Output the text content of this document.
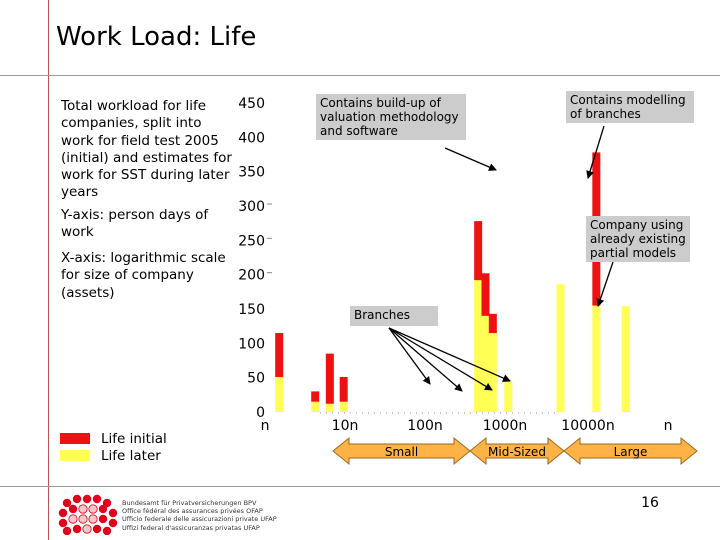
Work Load: Life
Total workload for life
companies, split into
work for field test 2005
(initial) and estimates for
work for SST during later
years
Y-axis: person days of
work
X-axis: logarithmic scale
for size of company
(assets)
0
50
100
150
200
250
300
350
400
450
n	10n	100n	1000n 10000n	n
Small	Mid-Sized	Large
Contains build-up of
valuation methodology
and software
Contains modelling
of branches
Company using
already existing
partial models
Branches
Life initial
Life later
Bundesamt für Privatversicherungen BPV
Office fédéral des assurances privées OFAP
Ufficio federale delle assicurazioni private UFAP
Uffizi federal d'assicuranzas privatas UFAP
16
